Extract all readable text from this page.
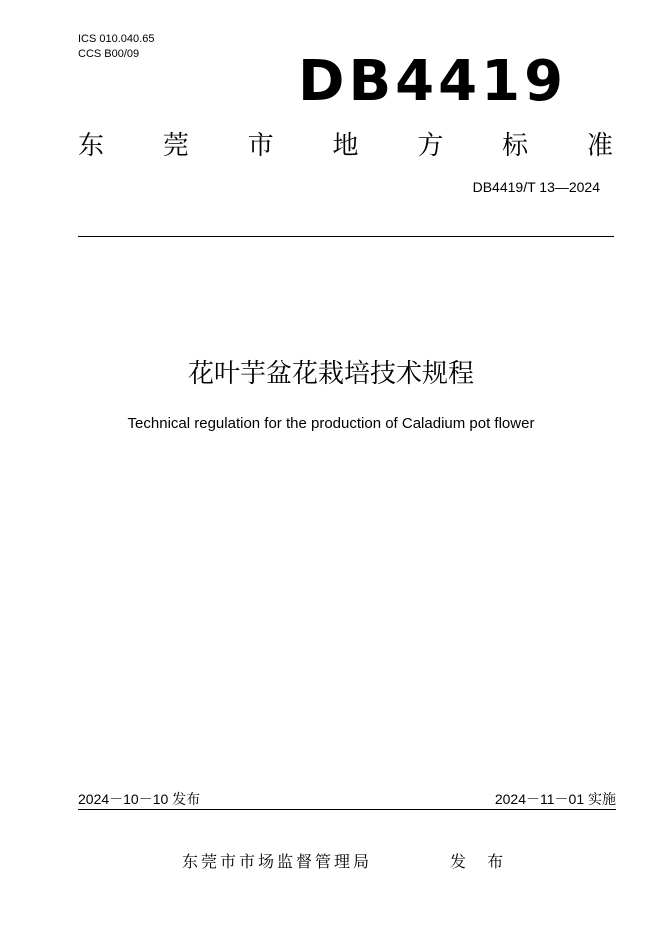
ICS 010.040.65
CCS B00/09	DB4419
东 莞 市 地 方 标 准
DB4419/T 13—2024
花叶芋盆花栽培技术规程
Technical regulation for the production of Caladium pot flower
2024－10－10 发布	2024－11－01 实施
东莞市市场监督管理局	发 布
